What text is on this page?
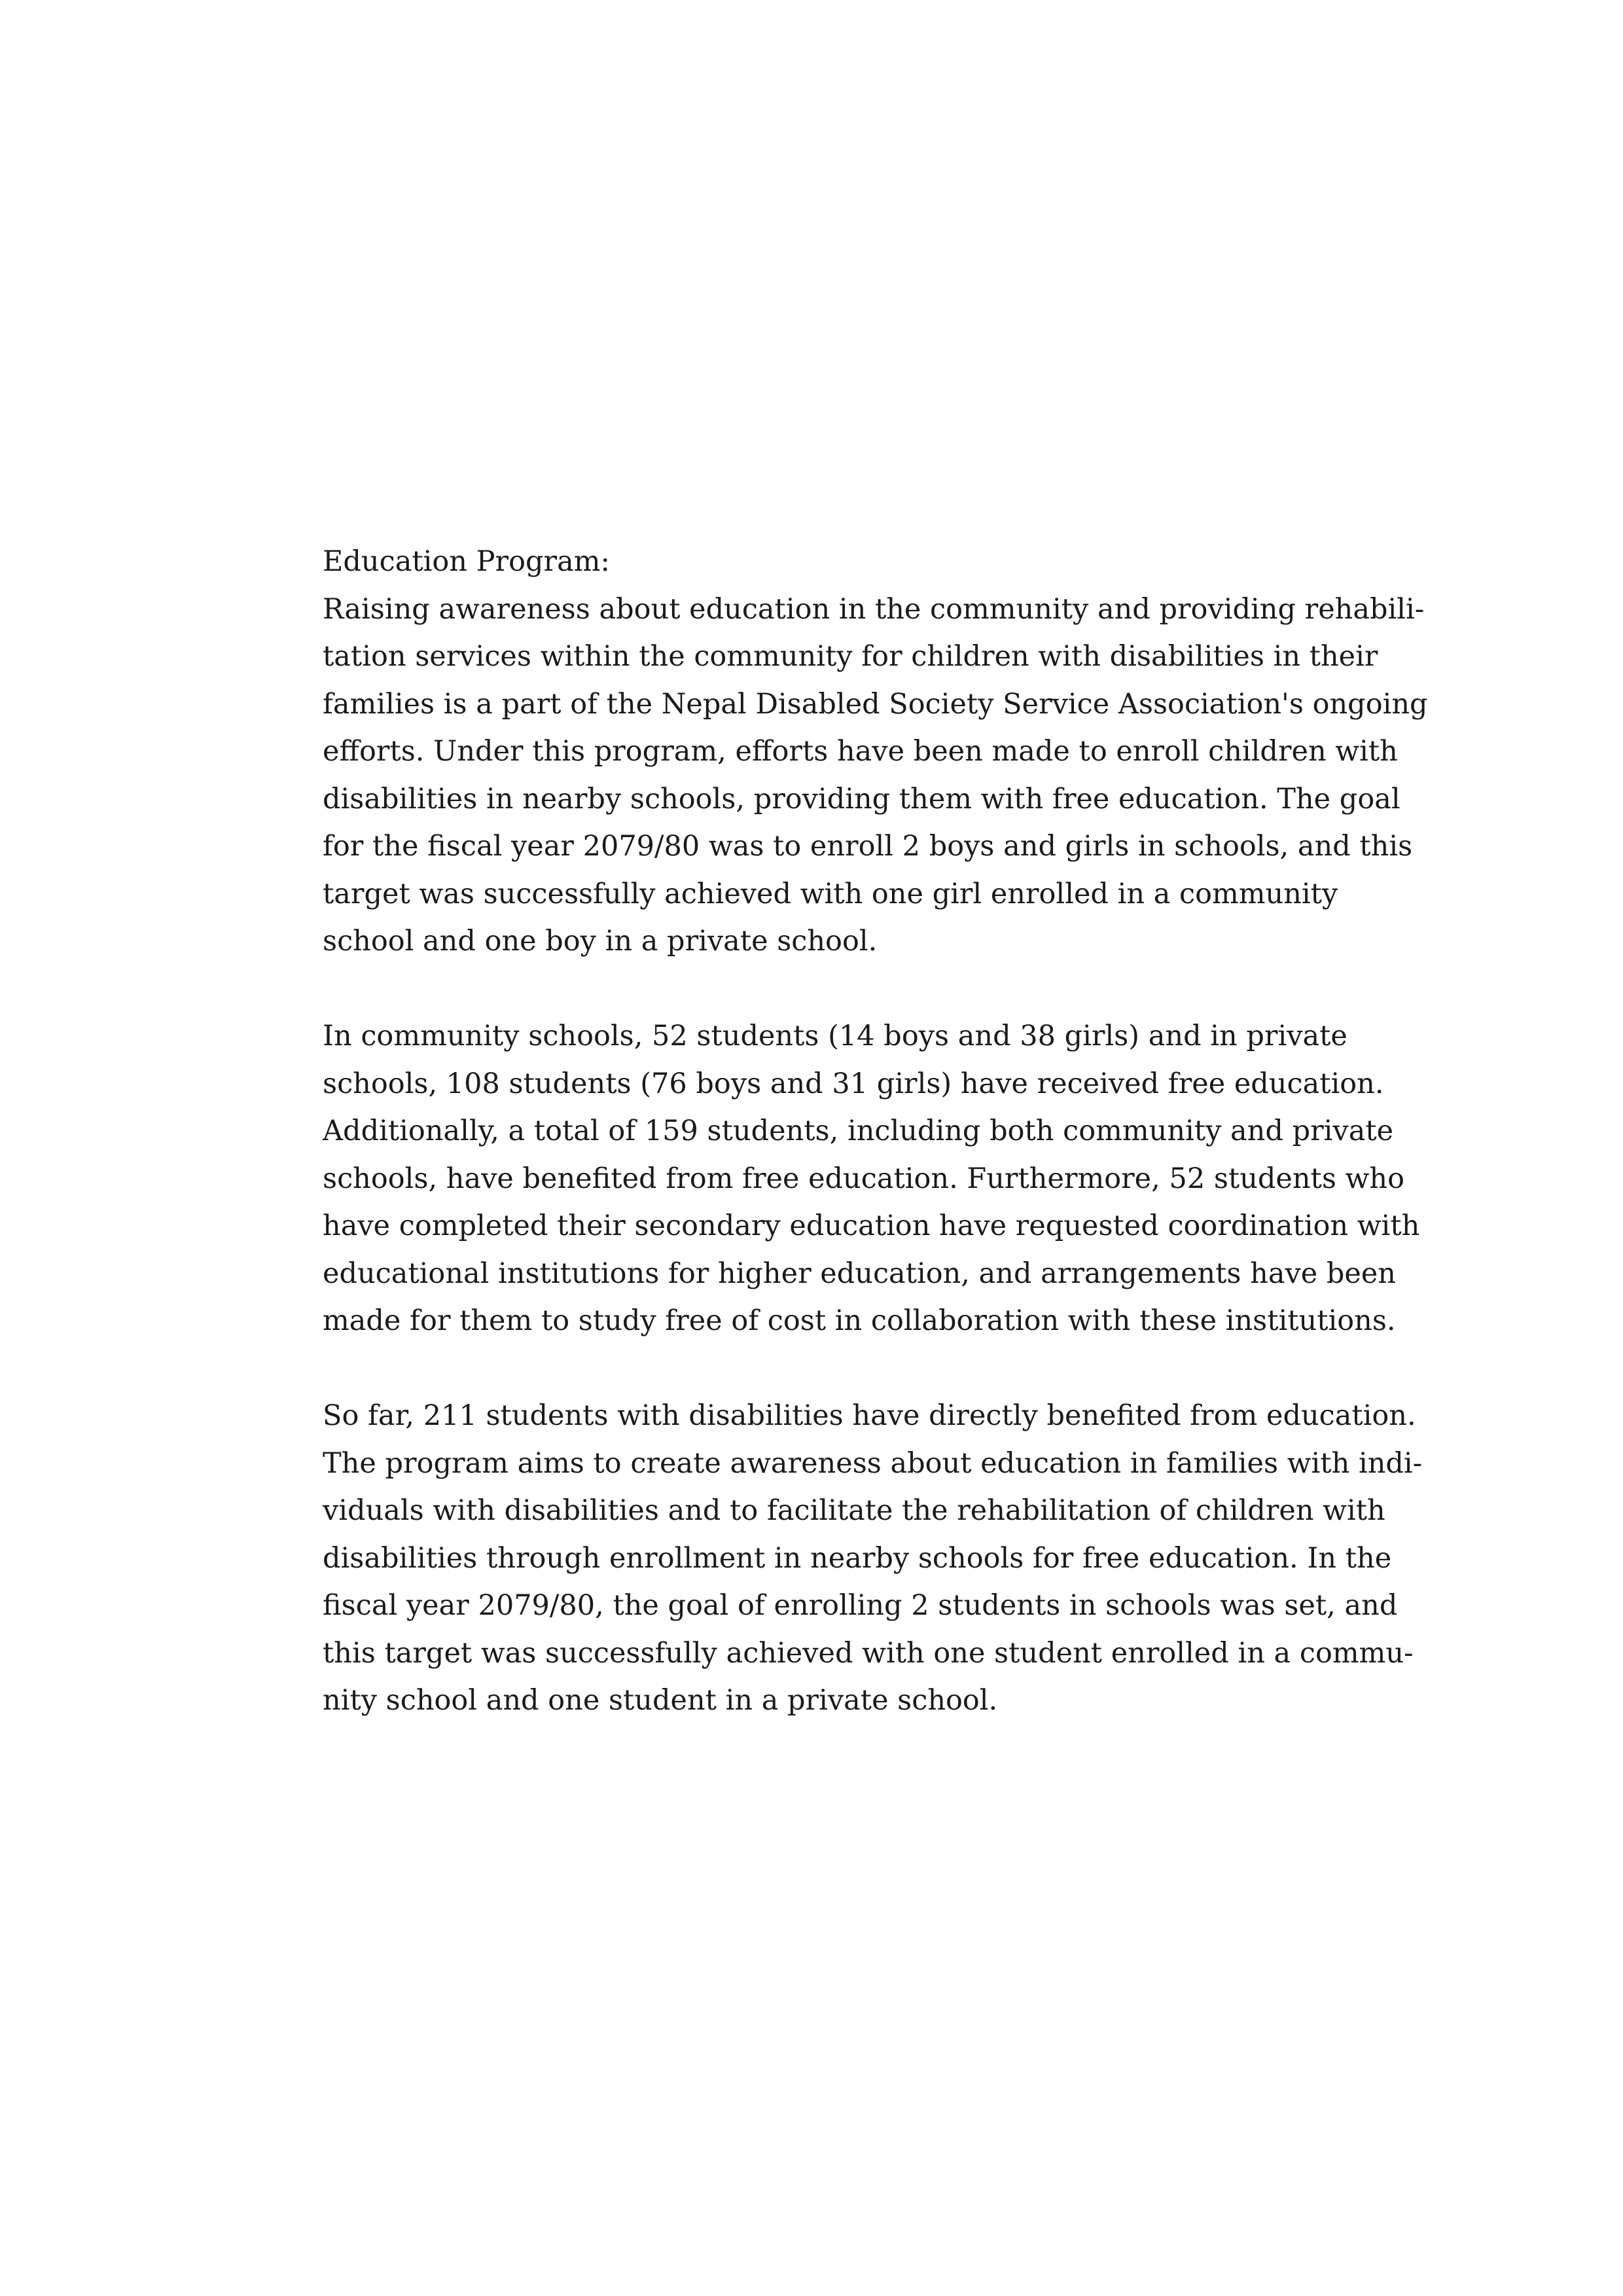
Education Program:
Raising awareness about education in the community and providing rehabili-
tation services within the community for children with disabilities in their
families is a part of the Nepal Disabled Society Service Association's ongoing
efforts. Under this program, efforts have been made to enroll children with
disabilities in nearby schools, providing them with free education. The goal
for the fiscal year 2079/80 was to enroll 2 boys and girls in schools, and this
target was successfully achieved with one girl enrolled in a community
school and one boy in a private school.
In community schools, 52 students (14 boys and 38 girls) and in private
schools, 108 students (76 boys and 31 girls) have received free education.
Additionally, a total of 159 students, including both community and private
schools, have benefited from free education. Furthermore, 52 students who
have completed their secondary education have requested coordination with
educational institutions for higher education, and arrangements have been
made for them to study free of cost in collaboration with these institutions.
So far, 211 students with disabilities have directly benefited from education.
The program aims to create awareness about education in families with indi-
viduals with disabilities and to facilitate the rehabilitation of children with
disabilities through enrollment in nearby schools for free education. In the
fiscal year 2079/80, the goal of enrolling 2 students in schools was set, and
this target was successfully achieved with one student enrolled in a commu-
nity school and one student in a private school.
